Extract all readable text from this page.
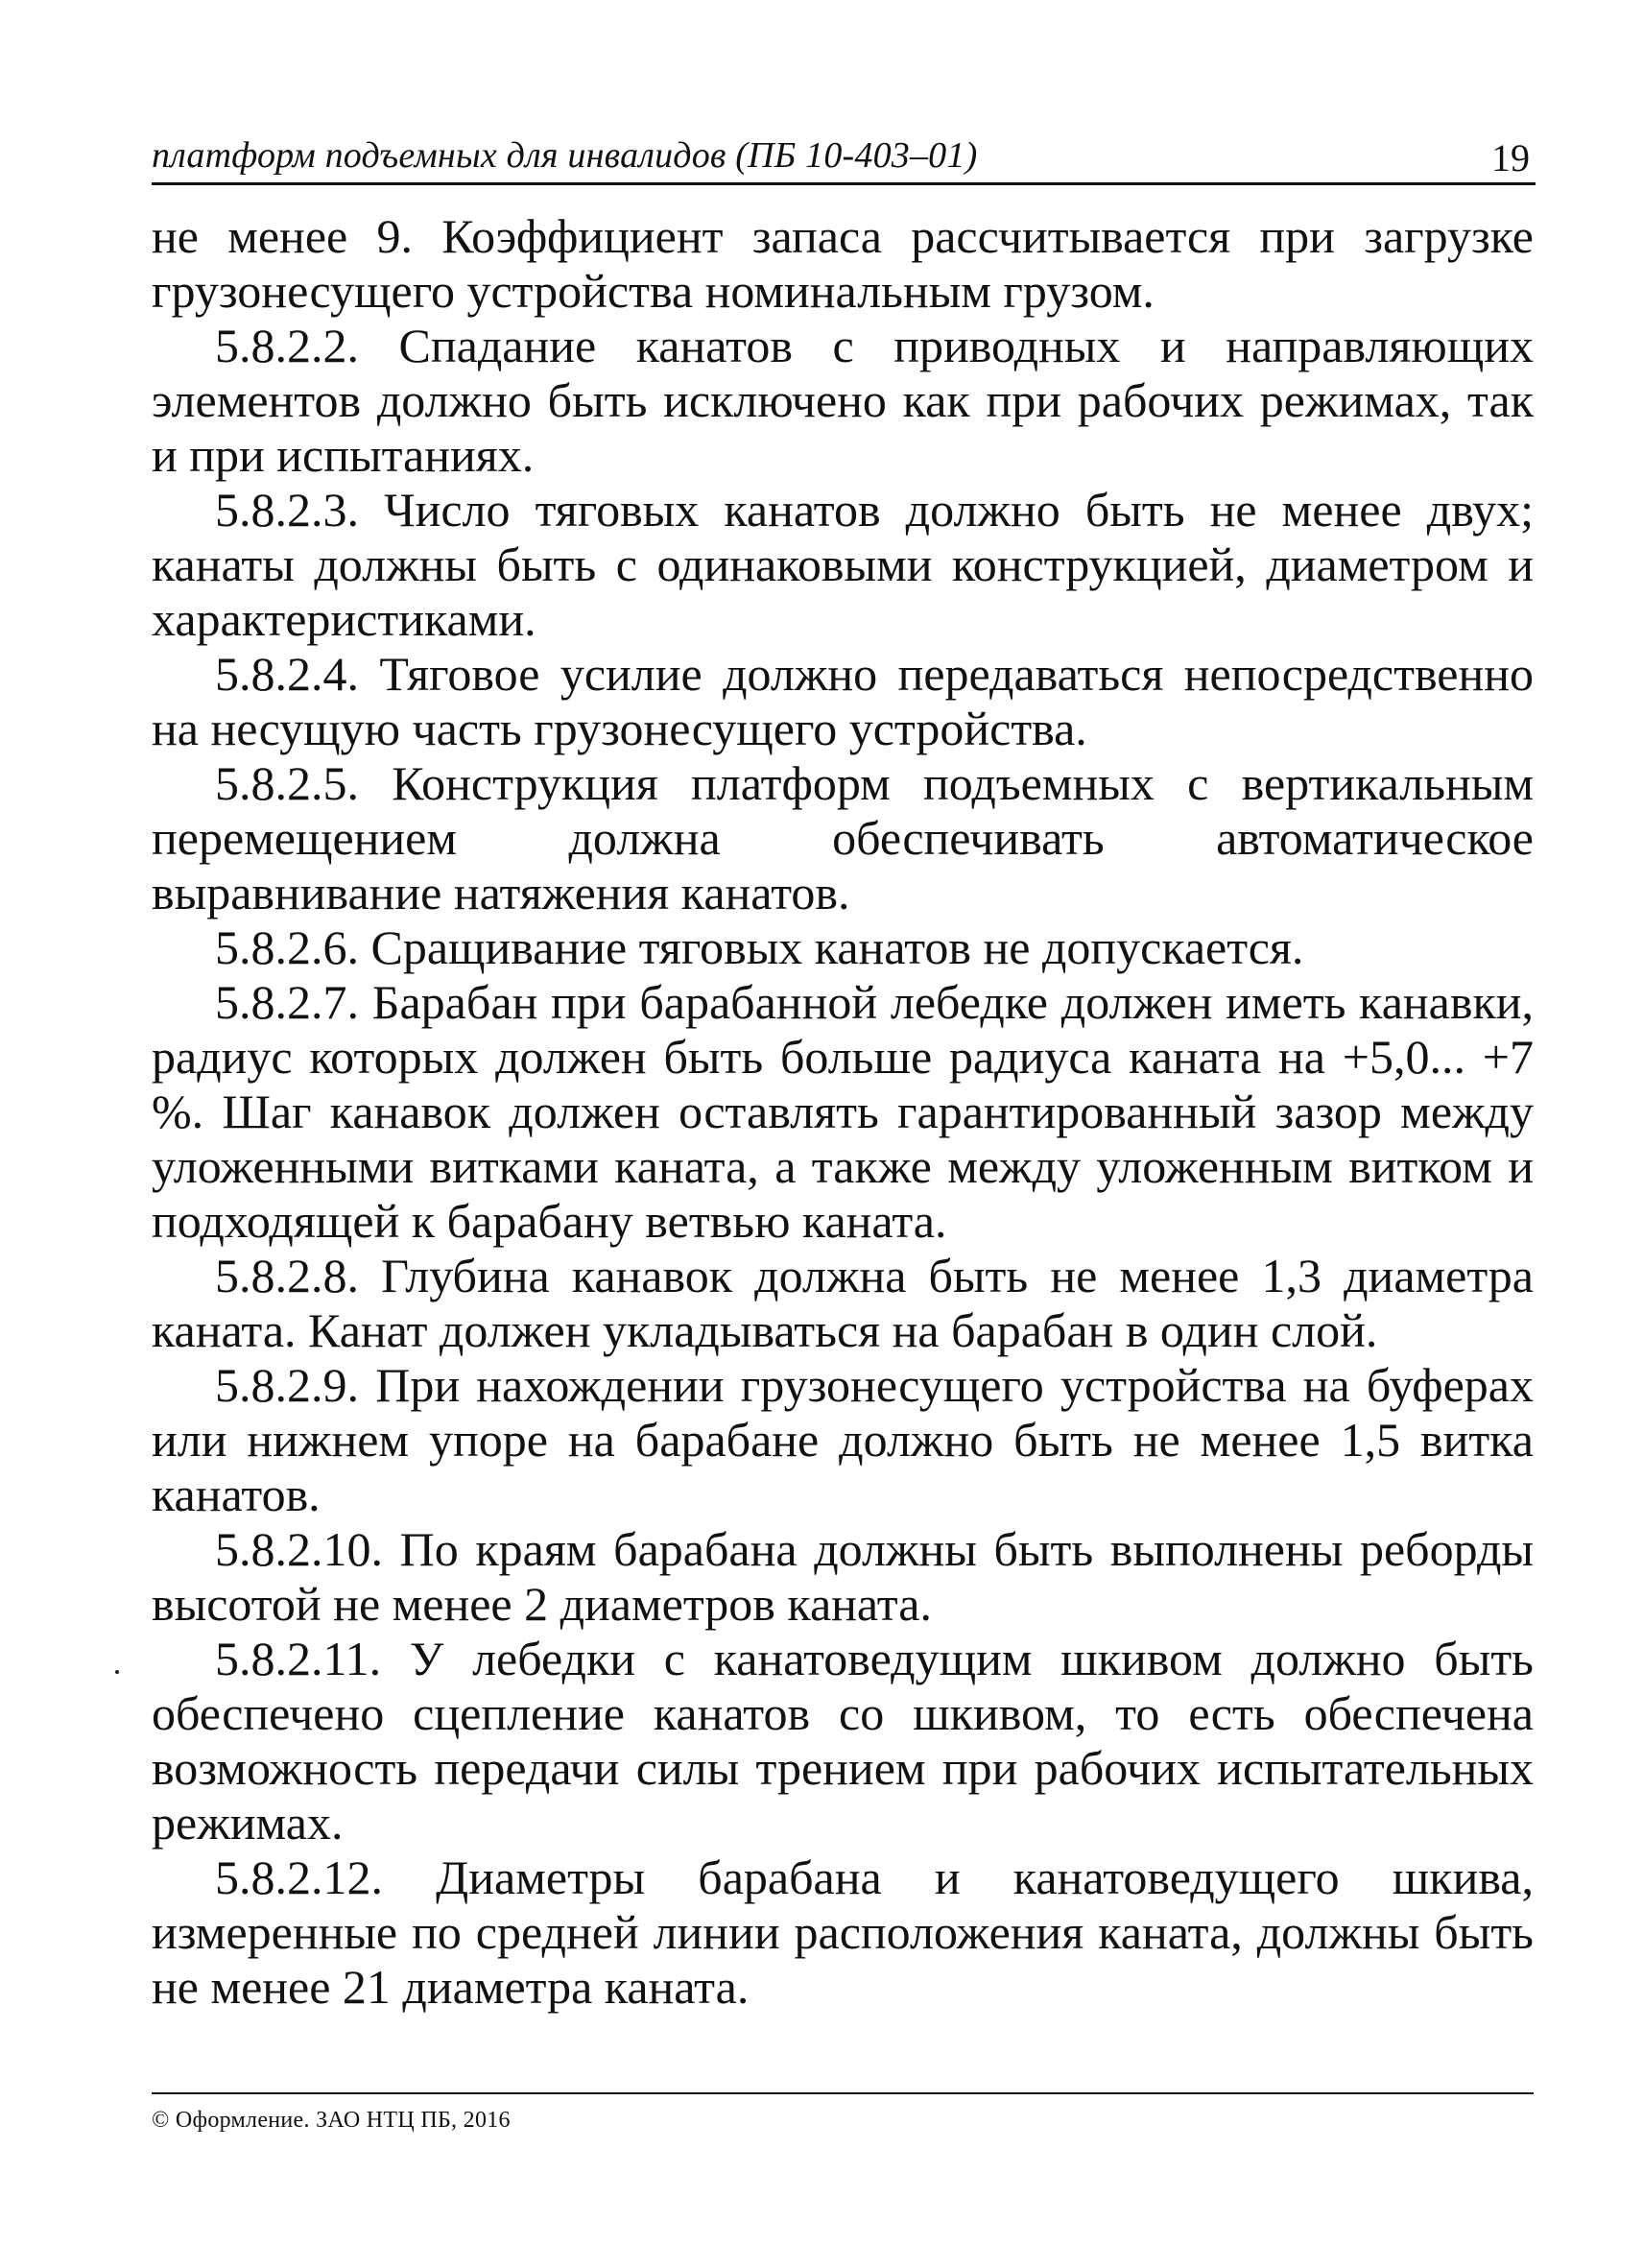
платформ подъемных для инвалидов (ПБ 10-403–01)	19

не менее 9. Коэффициент запаса рассчитывается при загрузке грузонесущего устройства номинальным грузом.

5.8.2.2. Спадание канатов с приводных и направляющих элементов должно быть исключено как при рабочих режимах, так и при испытаниях.

5.8.2.3. Число тяговых канатов должно быть не менее двух; канаты должны быть с одинаковыми конструкцией, диаметром и характеристиками.

5.8.2.4. Тяговое усилие должно передаваться непосредственно на несущую часть грузонесущего устройства.

5.8.2.5. Конструкция платформ подъемных с вертикальным перемещением должна обеспечивать автоматическое выравнивание натяжения канатов.

5.8.2.6. Сращивание тяговых канатов не допускается.

5.8.2.7. Барабан при барабанной лебедке должен иметь канавки, радиус которых должен быть больше радиуса каната на +5,0... +7 %. Шаг канавок должен оставлять гарантированный зазор между уложенными витками каната, а также между уложенным витком и подходящей к барабану ветвью каната.

5.8.2.8. Глубина канавок должна быть не менее 1,3 диаметра каната. Канат должен укладываться на барабан в один слой.

5.8.2.9. При нахождении грузонесущего устройства на буферах или нижнем упоре на барабане должно быть не менее 1,5 витка канатов.

5.8.2.10. По краям барабана должны быть выполнены реборды высотой не менее 2 диаметров каната.

5.8.2.11. У лебедки с канатоведущим шкивом должно быть обеспечено сцепление канатов со шкивом, то есть обеспечена возможность передачи силы трением при рабочих испытательных режимах.

5.8.2.12. Диаметры барабана и канатоведущего шкива, измеренные по средней линии расположения каната, должны быть не менее 21 диаметра каната.

© Оформление. ЗАО НТЦ ПБ, 2016
